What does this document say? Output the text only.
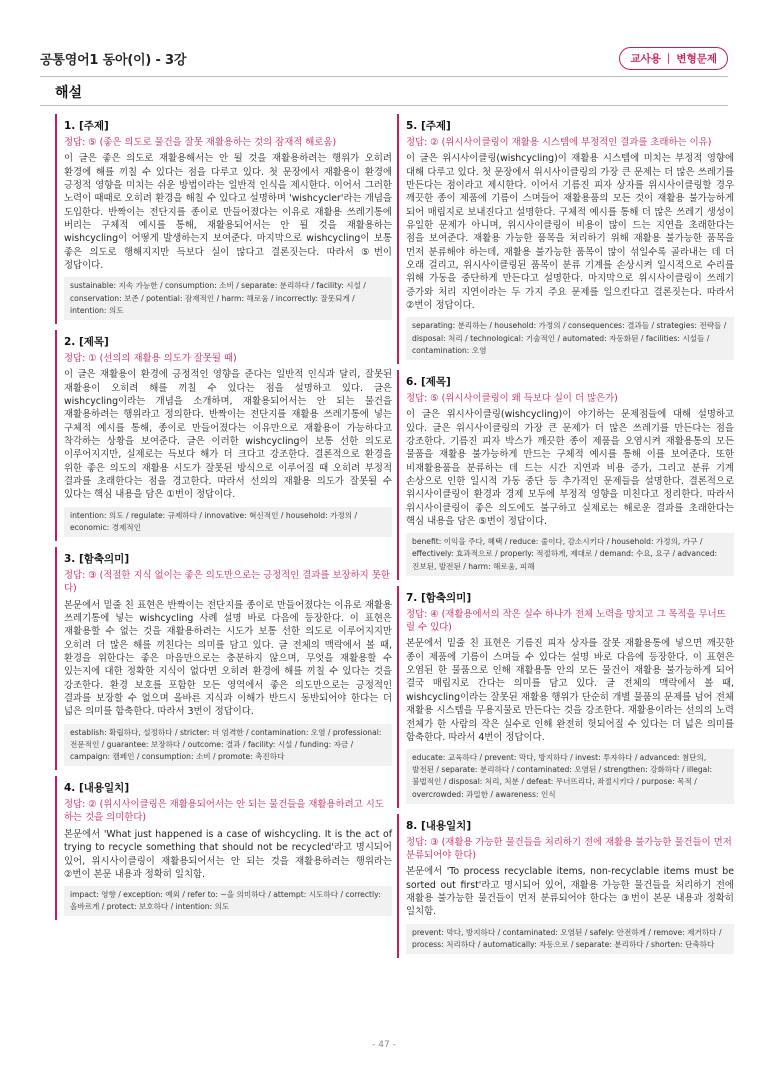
공통영어1 동아(이) - 3강	교사용 | 변형문제
해설
1. [주제]
정답: ⑤ (좋은 의도로 물건을 잘못 재활용하는 것의 잠재적 해로움)
이 글은 좋은 의도로 재활용해서는 안 될 것을 재활용하려는 행위가 오히려 환경에 해를 끼칠 수 있다는 점을 다루고 있다. 첫 문장에서 재활용이 환경에 긍정적 영향을 미치는 쉬운 방법이라는 일반적 인식을 제시한다. 이어서 그러한 노력이 때때로 오히려 환경을 해칠 수 있다고 설명하며 'wishcycler'라는 개념을 도입한다. 반짝이는 전단지를 종이로 만들어졌다는 이유로 재활용 쓰레기통에 버리는 구체적 예시를 통해, 재활용되어서는 안 될 것을 재활용하는 wishcycling이 어떻게 발생하는지 보여준다. 마지막으로 wishcycling이 보통 좋은 의도로 행해지지만 득보다 실이 많다고 결론짓는다. 따라서 ⑤번이 정답이다.
sustainable: 지속 가능한 / consumption: 소비 / separate: 분리하다 / facility: 시설 / conservation: 보존 / potential: 잠재적인 / harm: 해로움 / incorrectly: 잘못되게 / intention: 의도
2. [제목]
정답: ① (선의의 재활용 의도가 잘못될 때)
이 글은 재활용이 환경에 긍정적인 영향을 준다는 일반적 인식과 달리, 잘못된 재활용이 오히려 해를 끼칠 수 있다는 점을 설명하고 있다. 글은 wishcycling이라는 개념을 소개하며, 재활용되어서는 안 되는 물건을 재활용하려는 행위라고 정의한다. 반짝이는 전단지를 재활용 쓰레기통에 넣는 구체적 예시를 통해, 종이로 만들어졌다는 이유만으로 재활용이 가능하다고 착각하는 상황을 보여준다. 글은 이러한 wishcycling이 보통 선한 의도로 이루어지지만, 실제로는 득보다 해가 더 크다고 강조한다. 결론적으로 환경을 위한 좋은 의도의 재활용 시도가 잘못된 방식으로 이루어질 때 오히려 부정적 결과를 초래한다는 점을 경고한다. 따라서 선의의 재활용 의도가 잘못될 수 있다는 핵심 내용을 담은 ①번이 정답이다.
intention: 의도 / regulate: 규제하다 / innovative: 혁신적인 / household: 가정의 / economic: 경제적인
3. [함축의미]
정답: ③ (적절한 지식 없이는 좋은 의도만으로는 긍정적인 결과를 보장하지 못한다)
본문에서 밑줄 친 표현은 반짝이는 전단지를 종이로 만들어졌다는 이유로 재활용 쓰레기통에 넣는 wishcycling 사례 설명 바로 다음에 등장한다. 이 표현은 재활용할 수 없는 것을 재활용하려는 시도가 보통 선한 의도로 이루어지지만 오히려 더 많은 해를 끼친다는 의미를 담고 있다. 글 전체의 맥락에서 볼 때, 환경을 위한다는 좋은 마음만으로는 충분하지 않으며, 무엇을 재활용할 수 있는지에 대한 정확한 지식이 없다면 오히려 환경에 해를 끼칠 수 있다는 것을 강조한다. 환경 보호를 포함한 모든 영역에서 좋은 의도만으로는 긍정적인 결과를 보장할 수 없으며 올바른 지식과 이해가 반드시 동반되어야 한다는 더 넓은 의미를 함축한다. 따라서 3번이 정답이다.
establish: 확립하다, 설정하다 / stricter: 더 엄격한 / contamination: 오염 / professional: 전문적인 / guarantee: 보장하다 / outcome: 결과 / facility: 시설 / funding: 자금 / campaign: 캠페인 / consumption: 소비 / promote: 촉진하다
4. [내용일치]
정답: ② (위시사이클링은 재활용되어서는 안 되는 물건들을 재활용하려고 시도하는 것을 의미한다)
본문에서 'What just happened is a case of wishcycling. It is the act of trying to recycle something that should not be recycled'라고 명시되어 있어, 위시사이클링이 재활용되어서는 안 되는 것을 재활용하려는 행위라는 ②번이 본문 내용과 정확히 일치함.
impact: 영향 / exception: 예외 / refer to: ~을 의미하다 / attempt: 시도하다 / correctly: 올바르게 / protect: 보호하다 / intention: 의도
5. [주제]
정답: ② (위시사이클링이 재활용 시스템에 부정적인 결과를 초래하는 이유)
이 글은 위시사이클링(wishcycling)이 재활용 시스템에 미치는 부정적 영향에 대해 다루고 있다. 첫 문장에서 위시사이클링의 가장 큰 문제는 더 많은 쓰레기를 만든다는 점이라고 제시한다. 이어서 기름진 피자 상자를 위시사이클링할 경우 깨끗한 종이 제품에 기름이 스며들어 재활용품의 모든 것이 재활용 불가능하게 되어 매립지로 보내진다고 설명한다. 구체적 예시를 통해 더 많은 쓰레기 생성이 유일한 문제가 아니며, 위시사이클링이 비용이 많이 드는 지연을 초래한다는 점을 보여준다. 재활용 가능한 품목을 처리하기 위해 재활용 불가능한 품목을 먼저 분류해야 하는데, 재활용 불가능한 품목이 많이 섞일수록 골라내는 데 더 오래 걸리고, 위시사이클링된 품목이 분류 기계를 손상시켜 일시적으로 수리를 위해 가동을 중단하게 만든다고 설명한다. 마지막으로 위시사이클링이 쓰레기 증가와 처리 지연이라는 두 가지 주요 문제를 일으킨다고 결론짓는다. 따라서 ②번이 정답이다.
separating: 분리하는 / household: 가정의 / consequences: 결과들 / strategies: 전략들 / disposal: 처리 / technological: 기술적인 / automated: 자동화된 / facilities: 시설들 / contamination: 오염
6. [제목]
정답: ⑤ (위시사이클링이 왜 득보다 실이 더 많은가)
이 글은 위시사이클링(wishcycling)이 야기하는 문제점들에 대해 설명하고 있다. 글은 위시사이클링의 가장 큰 문제가 더 많은 쓰레기를 만든다는 점을 강조한다. 기름진 피자 박스가 깨끗한 종이 제품을 오염시켜 재활용통의 모든 물품을 재활용 불가능하게 만드는 구체적 예시를 통해 이를 보여준다. 또한 비재활용품을 분류하는 데 드는 시간 지연과 비용 증가, 그리고 분류 기계 손상으로 인한 일시적 가동 중단 등 추가적인 문제들을 설명한다. 결론적으로 위시사이클링이 환경과 경제 모두에 부정적 영향을 미친다고 정리한다. 따라서 위시사이클링이 좋은 의도에도 불구하고 실제로는 해로운 결과를 초래한다는 핵심 내용을 담은 ⑤번이 정답이다.
benefit: 이익을 주다, 혜택 / reduce: 줄이다, 감소시키다 / household: 가정의, 가구 / effectively: 효과적으로 / properly: 적절하게, 제대로 / demand: 수요, 요구 / advanced: 진보된, 발전된 / harm: 해로움, 피해
7. [함축의미]
정답: ④ (재활용에서의 작은 실수 하나가 전체 노력을 망치고 그 목적을 무너뜨릴 수 있다)
본문에서 밑줄 친 표현은 기름진 피자 상자를 잘못 재활용통에 넣으면 깨끗한 종이 제품에 기름이 스며들 수 있다는 설명 바로 다음에 등장한다. 이 표현은 오염된 한 물품으로 인해 재활용통 안의 모든 물건이 재활용 불가능하게 되어 결국 매립지로 간다는 의미를 담고 있다. 글 전체의 맥락에서 볼 때, wishcycling이라는 잘못된 재활용 행위가 단순히 개별 물품의 문제를 넘어 전체 재활용 시스템을 무용지물로 만든다는 것을 강조한다. 재활용이라는 선의의 노력 전체가 한 사람의 작은 실수로 인해 완전히 헛되어질 수 있다는 더 넓은 의미를 함축한다. 따라서 4번이 정답이다.
educate: 교육하다 / prevent: 막다, 방지하다 / invest: 투자하다 / advanced: 첨단의, 발전된 / separate: 분리하다 / contaminated: 오염된 / strengthen: 강화하다 / illegal: 불법적인 / disposal: 처리, 처분 / defeat: 무너뜨리다, 좌절시키다 / purpose: 목적 / overcrowded: 과밀한 / awareness: 인식
8. [내용일치]
정답: ③ (재활용 가능한 물건들을 처리하기 전에 재활용 불가능한 물건들이 먼저 분류되어야 한다)
본문에서 'To process recyclable items, non-recyclable items must be sorted out first'라고 명시되어 있어, 재활용 가능한 물건들을 처리하기 전에 재활용 불가능한 물건들이 먼저 분류되어야 한다는 ③번이 본문 내용과 정확히 일치함.
prevent: 막다, 방지하다 / contaminated: 오염된 / safely: 안전하게 / remove: 제거하다 / process: 처리하다 / automatically: 자동으로 / separate: 분리하다 / shorten: 단축하다
- 47 -
